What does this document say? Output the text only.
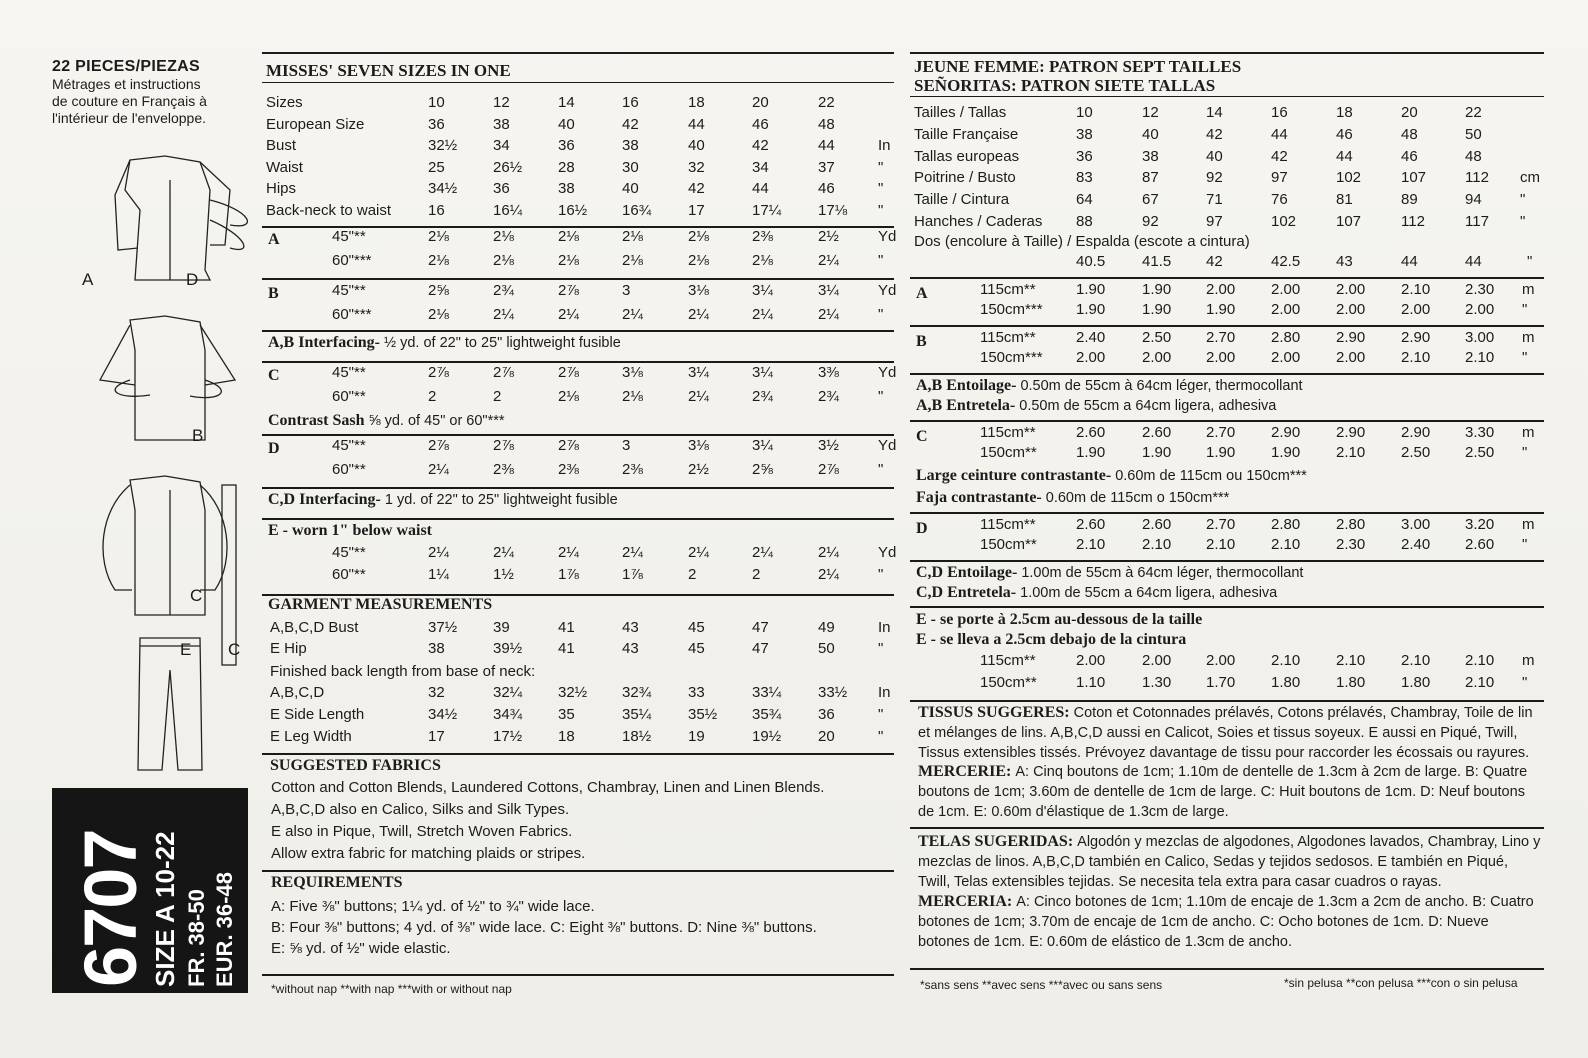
22 PIECES/PIEZAS
Métrages et instructions
de couture en Français à
l'intérieur de l'enveloppe.
A	D
B
C
E C
6707
SIZE A 10-22 FR. 38-50 EUR. 36-48
MISSES' SEVEN SIZES IN ONE
Sizes	10	12	14	16	18	20	22
European Size	36	38	40	42	44	46	48
Bust	32½ 34	36	38	40	42	44	In
Waist	25	26½ 28	30	32	34	37	"
Hips	34½ 36	38	40	42	44	46	"
Back-neck to waist 16	16¼ 16½ 16¾ 17	17¼ 17⅛ "
A	45"**	2⅛	2⅛	2⅛	2⅛	2⅛	2⅜	2½	Yd
60"***	2⅛	2⅛	2⅛	2⅛	2⅛	2⅛	2¼	"
B	45"**	2⅝	2¾	2⅞	3	3⅛	3¼	3¼	Yd
60"***	2⅛	2¼	2¼	2¼	2¼	2¼	2¼	"
A,B Interfacing- ½ yd. of 22" to 25" lightweight fusible
C	45"**	2⅞	2⅞	2⅞	3⅛	3¼	3¼	3⅜	Yd
60"**	2	2	2⅛	2⅛	2¼	2¾	2¾	"
Contrast Sash ⅝ yd. of 45" or 60"***
D	45"**	2⅞	2⅞	2⅞	3	3⅛	3¼	3½	Yd
60"**	2¼	2⅜	2⅜	2⅜	2½	2⅝	2⅞	"
C,D Interfacing- 1 yd. of 22" to 25" lightweight fusible
E - worn 1" below waist
45"**	2¼	2¼	2¼	2¼	2¼	2¼	2¼	Yd
60"**	1¼	1½	1⅞	1⅞	2	2	2¼	"
GARMENT MEASUREMENTS
A,B,C,D Bust	37½ 39	41	43	45	47	49	In
E Hip	38	39½ 41	43	45	47	50	"
Finished back length from base of neck:
A,B,C,D	32	32¼ 32½ 32¾ 33	33¼ 33½ In
E Side Length	34½ 34¾ 35	35¼ 35½ 35¾ 36	"
E Leg Width	17	17½ 18	18½ 19	19½ 20	"
SUGGESTED FABRICS
Cotton and Cotton Blends, Laundered Cottons, Chambray, Linen and Linen Blends.
A,B,C,D also en Calico, Silks and Silk Types.
E also in Pique, Twill, Stretch Woven Fabrics.
Allow extra fabric for matching plaids or stripes.
REQUIREMENTS
A: Five ⅜" buttons; 1¼ yd. of ½" to ¾" wide lace.
B: Four ⅜" buttons; 4 yd. of ⅜" wide lace. C: Eight ⅜" buttons. D: Nine ⅜" buttons.
E: ⅝ yd. of ½" wide elastic.
*without nap **with nap ***with or without nap
JEUNE FEMME: PATRON SEPT TAILLES
SEÑORITAS: PATRON SIETE TALLAS
Tailles / Tallas	10	12	14	16	18	20	22
Taille Française	38	40	42	44	46	48	50
Tallas europeas	36	38	40	42	44	46	48
Poitrine / Busto	83	87	92	97	102	107	112 cm
Taille / Cintura	64	67	71	76	81	89	94	"
Hanches / Caderas 88	92	97	102	107	112	117 "
Dos (encolure à Taille) / Espalda (escote a cintura)
40.5 41.5 42	42.5 43	44	44	"
A	115cm**	1.90 1.90 2.00 2.00 2.00 2.10 2.30 m
150cm*** 1.90 1.90 1.90 2.00 2.00 2.00 2.00 "
B	115cm**	2.40 2.50 2.70 2.80 2.90 2.90 3.00 m
150cm*** 2.00 2.00 2.00 2.00 2.00 2.10 2.10 "
A,B Entoilage- 0.50m de 55cm à 64cm léger, thermocollant
A,B Entretela- 0.50m de 55cm a 64cm ligera, adhesiva
C	115cm**	2.60 2.60 2.70 2.90 2.90 2.90 3.30 m
150cm**	1.90 1.90 1.90 1.90 2.10 2.50 2.50 "
Large ceinture contrastante- 0.60m de 115cm ou 150cm***
Faja contrastante- 0.60m de 115cm o 150cm***
D	115cm**	2.60 2.60 2.70 2.80 2.80 3.00 3.20 m
150cm**	2.10 2.10 2.10 2.10 2.30 2.40 2.60 "
C,D Entoilage- 1.00m de 55cm à 64cm léger, thermocollant
C,D Entretela- 1.00m de 55cm a 64cm ligera, adhesiva
E - se porte à 2.5cm au-dessous de la taille
E - se lleva a 2.5cm debajo de la cintura
115cm**	2.00 2.00 2.00 2.10 2.10 2.10 2.10 m
150cm**	1.10 1.30 1.70 1.80 1.80 1.80 2.10 "
TISSUS SUGGERES: Coton et Cotonnades prélavés, Cotons prélavés, Chambray, Toile de lin et mélanges de lins. A,B,C,D aussi en Calicot, Soies et tissus soyeux. E aussi en Piqué, Twill, Tissus extensibles tissés. Prévoyez davantage de tissu pour raccorder les écossais ou rayures.
MERCERIE: A: Cinq boutons de 1cm; 1.10m de dentelle de 1.3cm à 2cm de large. B: Quatre boutons de 1cm; 3.60m de dentelle de 1cm de large. C: Huit boutons de 1cm. D: Neuf boutons de 1cm. E: 0.60m d'élastique de 1.3cm de large.
TELAS SUGERIDAS: Algodón y mezclas de algodones, Algodones lavados, Chambray, Lino y mezclas de linos. A,B,C,D también en Calico, Sedas y tejidos sedosos. E también en Piqué, Twill, Telas extensibles tejidas. Se necesita tela extra para casar cuadros o rayas.
MERCERIA: A: Cinco botones de 1cm; 1.10m de encaje de 1.3cm a 2cm de ancho. B: Cuatro botones de 1cm; 3.70m de encaje de 1cm de ancho. C: Ocho botones de 1cm. D: Nueve botones de 1cm. E: 0.60m de elástico de 1.3cm de ancho.
*sans sens **avec sens ***avec ou sans sens	*sin pelusa **con pelusa ***con o sin pelusa
